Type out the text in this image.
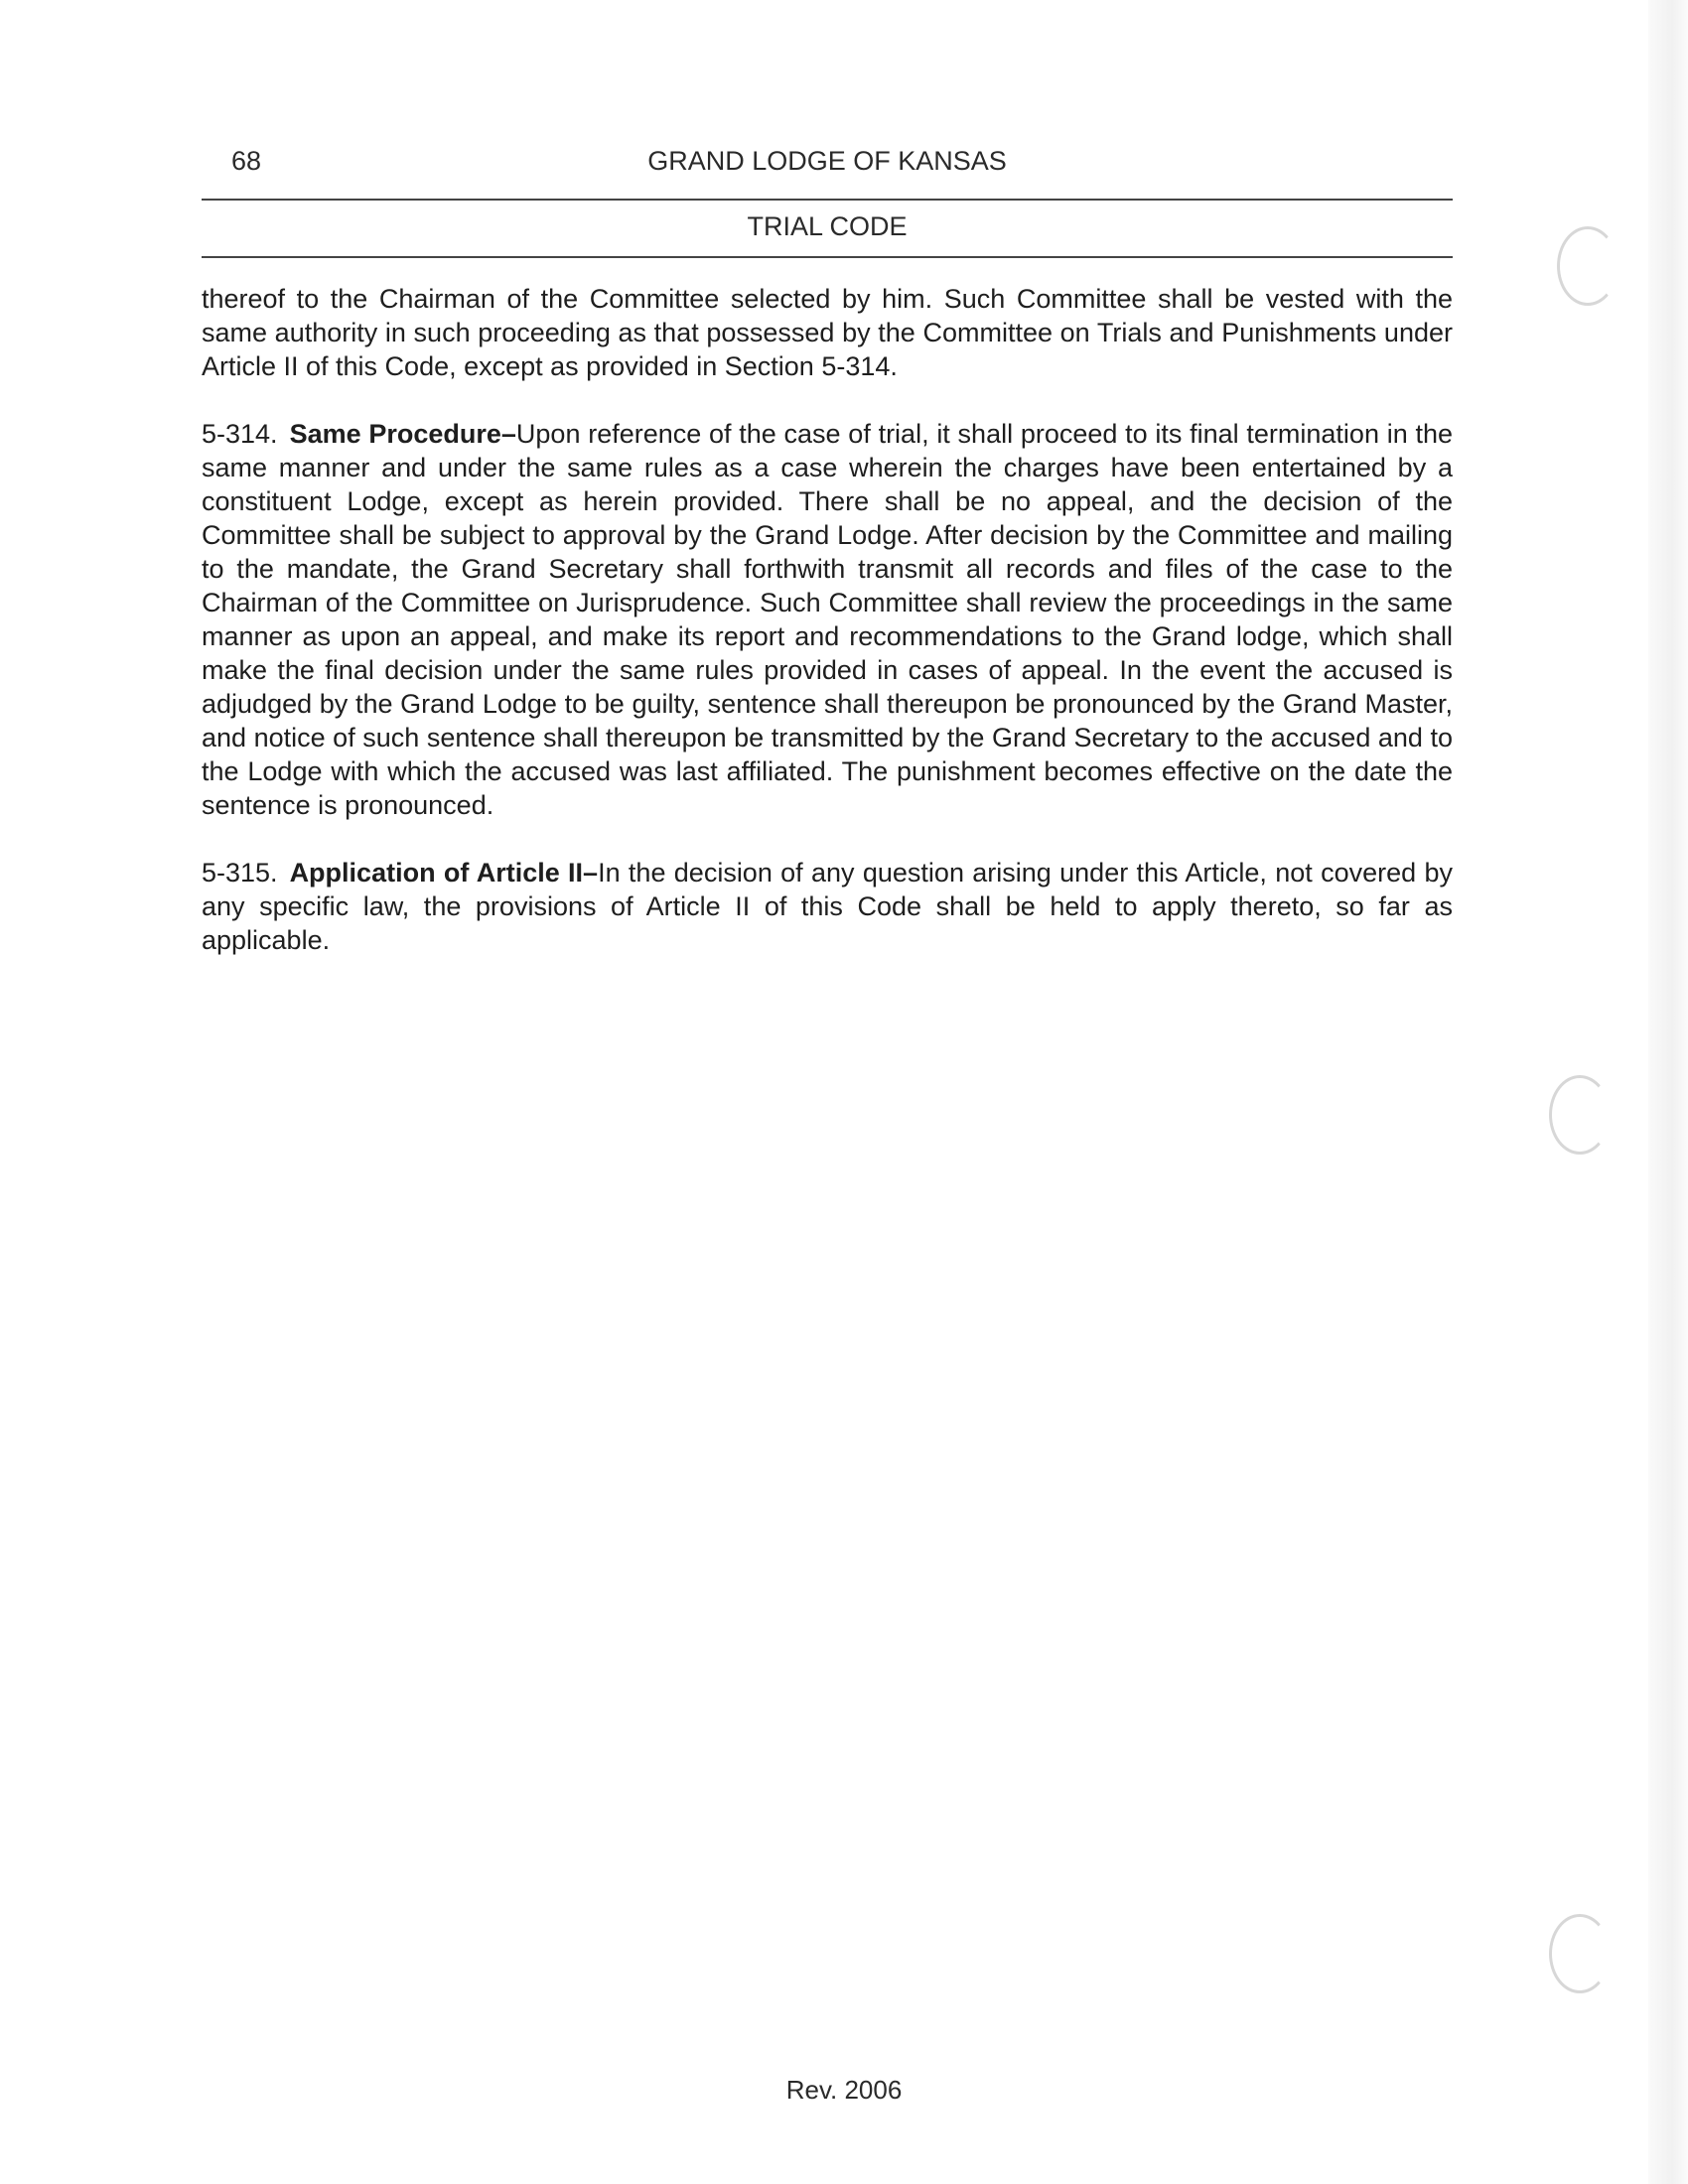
68	GRAND LODGE OF KANSAS
TRIAL CODE

thereof to the Chairman of the Committee selected by him. Such Committee shall be vested with the same authority in such proceeding as that possessed by the Committee on Trials and Punishments under Article II of this Code, except as provided in Section 5-314.

5-314. Same Procedure–Upon reference of the case of trial, it shall proceed to its final termination in the same manner and under the same rules as a case wherein the charges have been entertained by a constituent Lodge, except as herein provided. There shall be no appeal, and the decision of the Committee shall be subject to approval by the Grand Lodge. After decision by the Committee and mailing to the mandate, the Grand Secretary shall forthwith transmit all records and files of the case to the Chairman of the Committee on Jurisprudence. Such Committee shall review the proceedings in the same manner as upon an appeal, and make its report and recommendations to the Grand lodge, which shall make the final decision under the same rules provided in cases of appeal. In the event the accused is adjudged by the Grand Lodge to be guilty, sentence shall thereupon be pronounced by the Grand Master, and notice of such sentence shall thereupon be transmitted by the Grand Secretary to the accused and to the Lodge with which the accused was last affiliated. The punishment becomes effective on the date the sentence is pronounced.

5-315. Application of Article II–In the decision of any question arising under this Article, not covered by any specific law, the provisions of Article II of this Code shall be held to apply thereto, so far as applicable.

Rev. 2006
